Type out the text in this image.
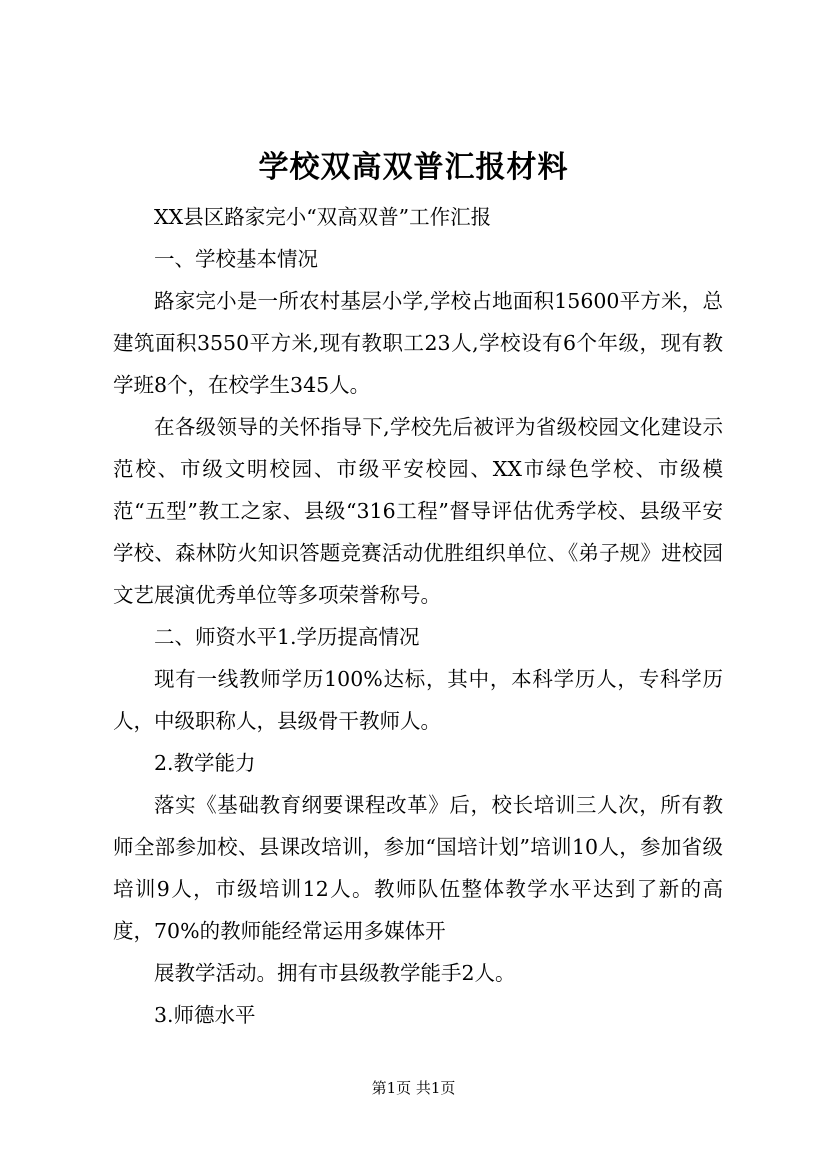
学校双高双普汇报材料

XX县区路家完小“双高双普”工作汇报

一、学校基本情况

路家完小是一所农村基层小学,学校占地面积15600平方米，总建筑面积3550平方米,现有教职工23人,学校设有6个年级，现有教学班8个，在校学生345人。

在各级领导的关怀指导下,学校先后被评为省级校园文化建设示范校、市级文明校园、市级平安校园、XX市绿色学校、市级模范“五型”教工之家、县级“316工程”督导评估优秀学校、县级平安学校、森林防火知识答题竞赛活动优胜组织单位、《弟子规》进校园文艺展演优秀单位等多项荣誉称号。

二、师资水平1.学历提高情况

现有一线教师学历100%达标，其中，本科学历人，专科学历人，中级职称人，县级骨干教师人。

2.教学能力

落实《基础教育纲要课程改革》后，校长培训三人次，所有教师全部参加校、县课改培训，参加“国培计划”培训10人，参加省级培训9人，市级培训12人。教师队伍整体教学水平达到了新的高度，70%的教师能经常运用多媒体开

展教学活动。拥有市县级教学能手2人。

3.师德水平

第1页 共1页
